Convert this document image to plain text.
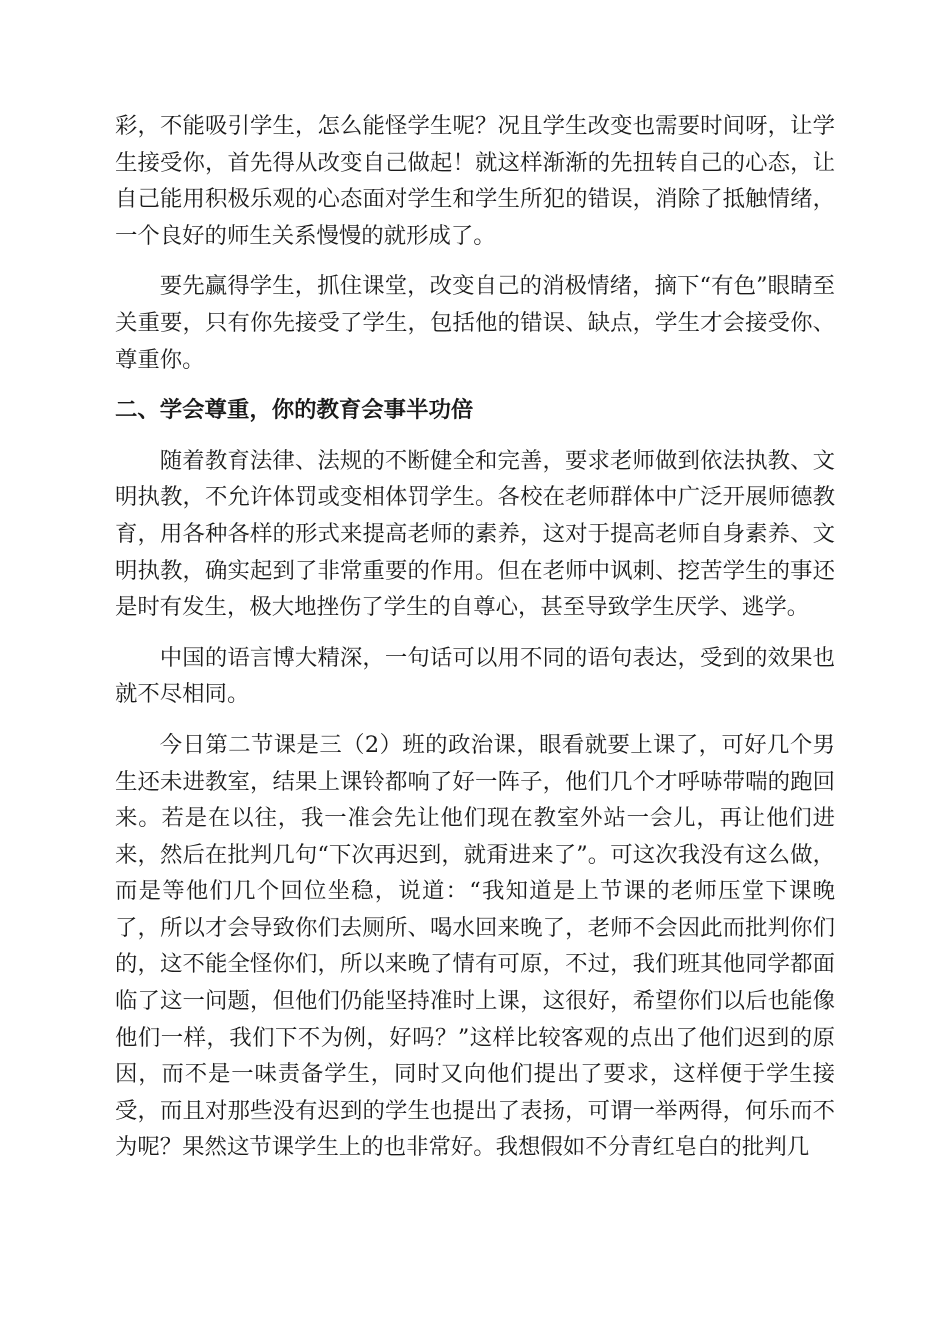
彩，不能吸引学生，怎么能怪学生呢？况且学生改变也需要时间呀，让学生接受你，首先得从改变自己做起！就这样渐渐的先扭转自己的心态，让自己能用积极乐观的心态面对学生和学生所犯的错误，消除了抵触情绪，一个良好的师生关系慢慢的就形成了。

要先赢得学生，抓住课堂，改变自己的消极情绪，摘下“有色”眼睛至关重要，只有你先接受了学生，包括他的错误、缺点，学生才会接受你、尊重你。

二、学会尊重，你的教育会事半功倍

随着教育法律、法规的不断健全和完善，要求老师做到依法执教、文明执教，不允许体罚或变相体罚学生。各校在老师群体中广泛开展师德教育，用各种各样的形式来提高老师的素养，这对于提高老师自身素养、文明执教，确实起到了非常重要的作用。但在老师中讽刺、挖苦学生的事还是时有发生，极大地挫伤了学生的自尊心，甚至导致学生厌学、逃学。

中国的语言博大精深，一句话可以用不同的语句表达，受到的效果也就不尽相同。

今日第二节课是三（2）班的政治课，眼看就要上课了，可好几个男生还未进教室，结果上课铃都响了好一阵子，他们几个才呼哧带喘的跑回来。若是在以往，我一准会先让他们现在教室外站一会儿，再让他们进来，然后在批判几句“下次再迟到，就甭进来了”。可这次我没有这么做，而是等他们几个回位坐稳，说道：“我知道是上节课的老师压堂下课晚了，所以才会导致你们去厕所、喝水回来晚了，老师不会因此而批判你们的，这不能全怪你们，所以来晚了情有可原，不过，我们班其他同学都面临了这一问题，但他们仍能坚持准时上课，这很好，希望你们以后也能像他们一样，我们下不为例，好吗？”这样比较客观的点出了他们迟到的原因，而不是一味责备学生，同时又向他们提出了要求，这样便于学生接受，而且对那些没有迟到的学生也提出了表扬，可谓一举两得，何乐而不为呢？果然这节课学生上的也非常好。我想假如不分青红皂白的批判几
